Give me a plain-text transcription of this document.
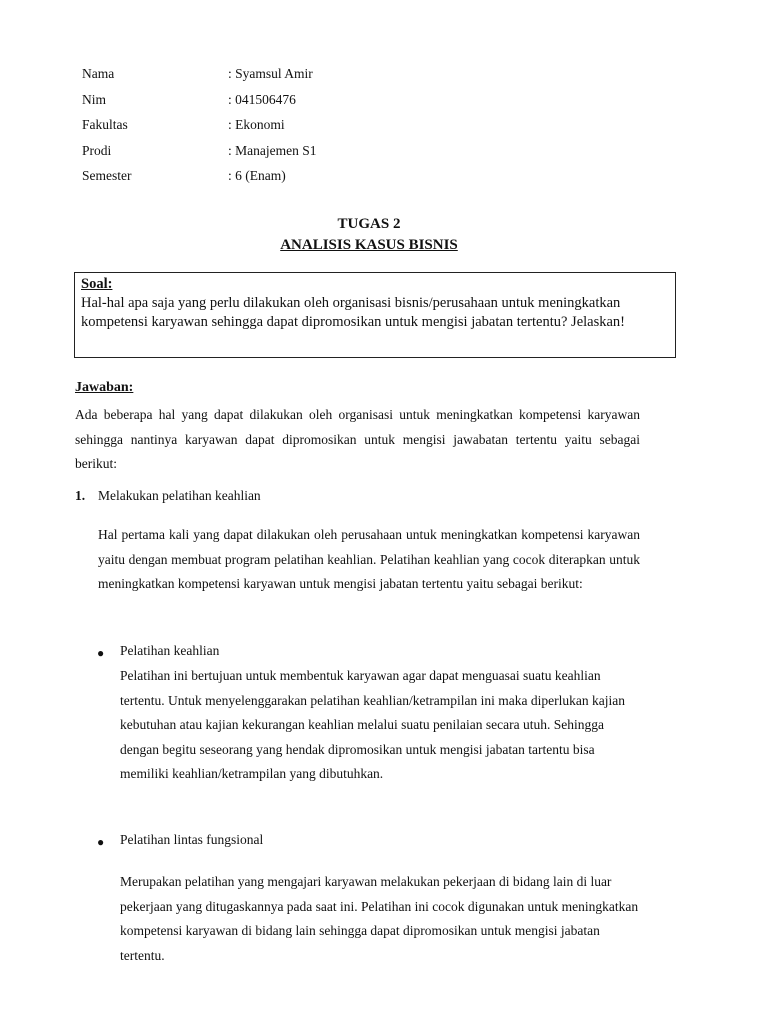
Nama	: Syamsul Amir
Nim	: 041506476
Fakultas	: Ekonomi
Prodi	: Manajemen S1
Semester	: 6 (Enam)
TUGAS 2
ANALISIS KASUS BISNIS
Soal:
Hal-hal apa saja yang perlu dilakukan oleh organisasi bisnis/perusahaan untuk meningkatkan kompetensi karyawan sehingga dapat dipromosikan untuk mengisi jabatan tertentu? Jelaskan!
Jawaban:
Ada beberapa hal yang dapat dilakukan oleh organisasi untuk meningkatkan kompetensi karyawan sehingga nantinya karyawan dapat dipromosikan untuk mengisi jawabatan tertentu yaitu sebagai berikut:
1. Melakukan pelatihan keahlian
Hal pertama kali yang dapat dilakukan oleh perusahaan untuk meningkatkan kompetensi karyawan yaitu dengan membuat program pelatihan keahlian. Pelatihan keahlian yang cocok diterapkan untuk meningkatkan kompetensi karyawan untuk mengisi jabatan tertentu yaitu sebagai berikut:
●	Pelatihan keahlian
Pelatihan ini bertujuan untuk membentuk karyawan agar dapat menguasai suatu keahlian tertentu. Untuk menyelenggarakan pelatihan keahlian/ketrampilan ini maka diperlukan kajian kebutuhan atau kajian kekurangan keahlian melalui suatu penilaian secara utuh. Sehingga dengan begitu seseorang yang hendak dipromosikan untuk mengisi jabatan tartentu bisa memiliki keahlian/ketrampilan yang dibutuhkan.
●	Pelatihan lintas fungsional
Merupakan pelatihan yang mengajari karyawan melakukan pekerjaan di bidang lain di luar pekerjaan yang ditugaskannya pada saat ini. Pelatihan ini cocok digunakan untuk meningkatkan kompetensi karyawan di bidang lain sehingga dapat dipromosikan untuk mengisi jabatan tertentu.
